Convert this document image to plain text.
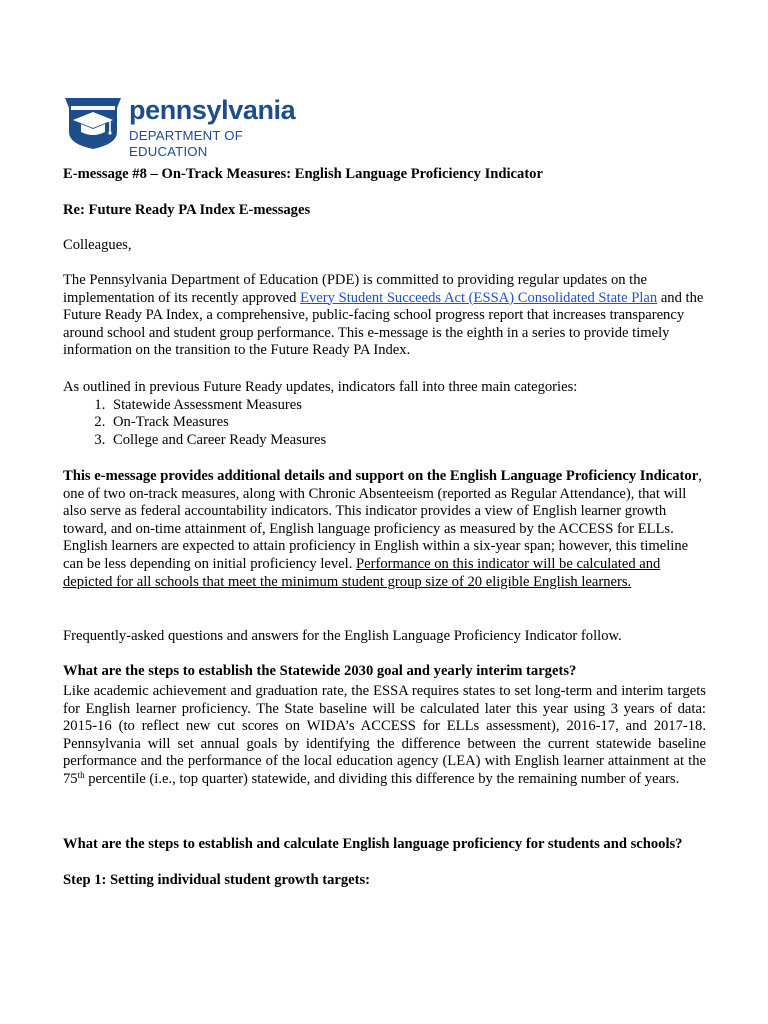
pennsylvania
DEPARTMENT OF EDUCATION

E-message #8 – On-Track Measures: English Language Proficiency Indicator

Re: Future Ready PA Index E-messages

Colleagues,

The Pennsylvania Department of Education (PDE) is committed to providing regular updates on the implementation of its recently approved Every Student Succeeds Act (ESSA) Consolidated State Plan and the Future Ready PA Index, a comprehensive, public-facing school progress report that increases transparency around school and student group performance. This e-message is the eighth in a series to provide timely information on the transition to the Future Ready PA Index.

As outlined in previous Future Ready updates, indicators fall into three main categories:
1. Statewide Assessment Measures
2. On-Track Measures
3. College and Career Ready Measures

This e-message provides additional details and support on the English Language Proficiency Indicator, one of two on-track measures, along with Chronic Absenteeism (reported as Regular Attendance), that will also serve as federal accountability indicators. This indicator provides a view of English learner growth toward, and on-time attainment of, English language proficiency as measured by the ACCESS for ELLs. English learners are expected to attain proficiency in English within a six-year span; however, this timeline can be less depending on initial proficiency level. Performance on this indicator will be calculated and depicted for all schools that meet the minimum student group size of 20 eligible English learners.

Frequently-asked questions and answers for the English Language Proficiency Indicator follow.

What are the steps to establish the Statewide 2030 goal and yearly interim targets?

Like academic achievement and graduation rate, the ESSA requires states to set long-term and interim targets for English learner proficiency. The State baseline will be calculated later this year using 3 years of data: 2015-16 (to reflect new cut scores on WIDA’s ACCESS for ELLs assessment), 2016-17, and 2017-18. Pennsylvania will set annual goals by identifying the difference between the current statewide baseline performance and the performance of the local education agency (LEA) with English learner attainment at the 75th percentile (i.e., top quarter) statewide, and dividing this difference by the remaining number of years.

What are the steps to establish and calculate English language proficiency for students and schools?

Step 1: Setting individual student growth targets:
